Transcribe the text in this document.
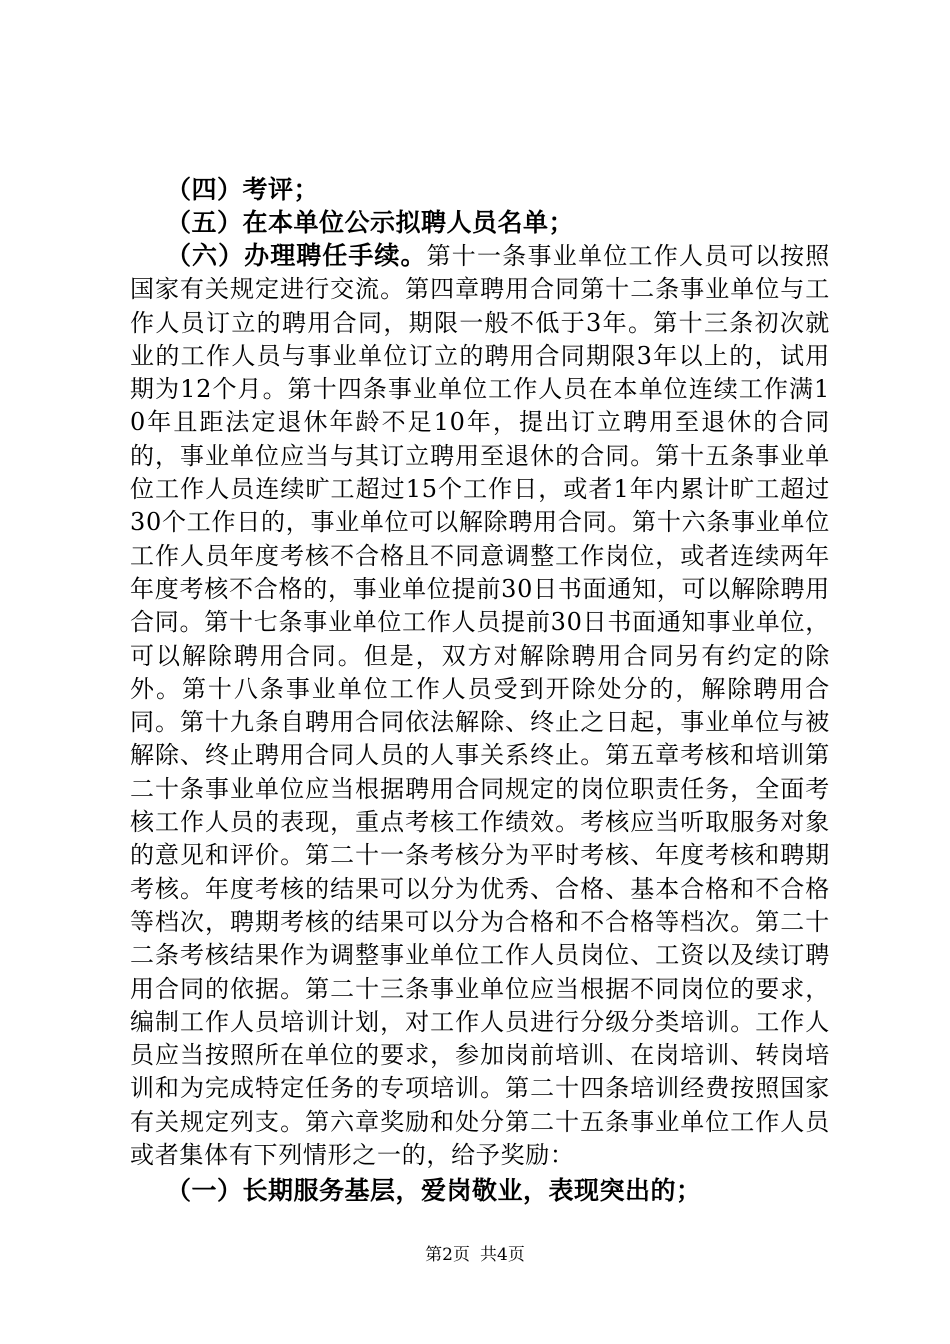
（四）考评；
（五）在本单位公示拟聘人员名单；
（六）办理聘任手续。第十一条事业单位工作人员可以按照国家有关规定进行交流。第四章聘用合同第十二条事业单位与工作人员订立的聘用合同，期限一般不低于3年。第十三条初次就业的工作人员与事业单位订立的聘用合同期限3年以上的，试用期为12个月。第十四条事业单位工作人员在本单位连续工作满10年且距法定退休年龄不足10年，提出订立聘用至退休的合同的，事业单位应当与其订立聘用至退休的合同。第十五条事业单位工作人员连续旷工超过15个工作日，或者1年内累计旷工超过30个工作日的，事业单位可以解除聘用合同。第十六条事业单位工作人员年度考核不合格且不同意调整工作岗位，或者连续两年年度考核不合格的，事业单位提前30日书面通知，可以解除聘用合同。第十七条事业单位工作人员提前30日书面通知事业单位，可以解除聘用合同。但是，双方对解除聘用合同另有约定的除外。第十八条事业单位工作人员受到开除处分的，解除聘用合同。第十九条自聘用合同依法解除、终止之日起，事业单位与被解除、终止聘用合同人员的人事关系终止。第五章考核和培训第二十条事业单位应当根据聘用合同规定的岗位职责任务，全面考核工作人员的表现，重点考核工作绩效。考核应当听取服务对象的意见和评价。第二十一条考核分为平时考核、年度考核和聘期考核。年度考核的结果可以分为优秀、合格、基本合格和不合格等档次，聘期考核的结果可以分为合格和不合格等档次。第二十二条考核结果作为调整事业单位工作人员岗位、工资以及续订聘用合同的依据。第二十三条事业单位应当根据不同岗位的要求，编制工作人员培训计划，对工作人员进行分级分类培训。工作人员应当按照所在单位的要求，参加岗前培训、在岗培训、转岗培训和为完成特定任务的专项培训。第二十四条培训经费按照国家有关规定列支。第六章奖励和处分第二十五条事业单位工作人员或者集体有下列情形之一的，给予奖励：
（一）长期服务基层，爱岗敬业，表现突出的；
第2页 共4页
